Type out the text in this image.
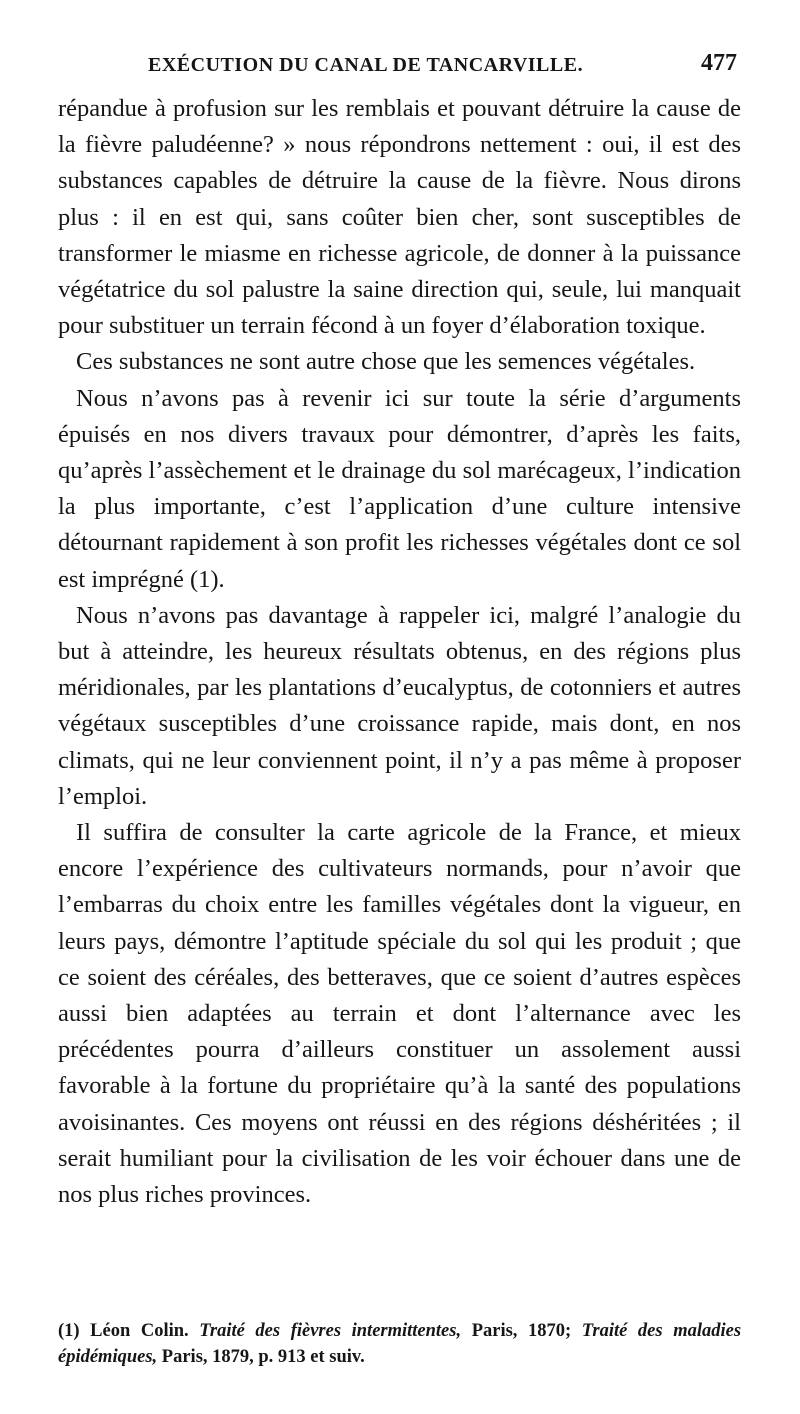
EXÉCUTION DU CANAL DE TANCARVILLE.	477

répandue à profusion sur les remblais et pouvant détruire la cause de la fièvre paludéenne? » nous répondrons nettement : oui, il est des substances capables de détruire la cause de la fièvre. Nous dirons plus : il en est qui, sans coûter bien cher, sont susceptibles de transformer le miasme en richesse agricole, de donner à la puissance végétatrice du sol palustre la saine direction qui, seule, lui manquait pour substituer un terrain fécond à un foyer d’élaboration toxique.

Ces substances ne sont autre chose que les semences végétales.

Nous n’avons pas à revenir ici sur toute la série d’arguments épuisés en nos divers travaux pour démontrer, d’après les faits, qu’après l’assèchement et le drainage du sol marécageux, l’indication la plus importante, c’est l’application d’une culture intensive détournant rapidement à son profit les richesses végétales dont ce sol est imprégné (1).

Nous n’avons pas davantage à rappeler ici, malgré l’analogie du but à atteindre, les heureux résultats obtenus, en des régions plus méridionales, par les plantations d’eucalyptus, de cotonniers et autres végétaux susceptibles d’une croissance rapide, mais dont, en nos climats, qui ne leur conviennent point, il n’y a pas même à proposer l’emploi.

Il suffira de consulter la carte agricole de la France, et mieux encore l’expérience des cultivateurs normands, pour n’avoir que l’embarras du choix entre les familles végétales dont la vigueur, en leurs pays, démontre l’aptitude spéciale du sol qui les produit ; que ce soient des céréales, des betteraves, que ce soient d’autres espèces aussi bien adaptées au terrain et dont l’alternance avec les précédentes pourra d’ailleurs constituer un assolement aussi favorable à la fortune du propriétaire qu’à la santé des populations avoisinantes. Ces moyens ont réussi en des régions déshéritées ; il serait humiliant pour la civilisation de les voir échouer dans une de nos plus riches provinces.

(1) Léon Colin. Traité des fièvres intermittentes, Paris, 1870; Traité des maladies épidémiques, Paris, 1879, p. 913 et suiv.
